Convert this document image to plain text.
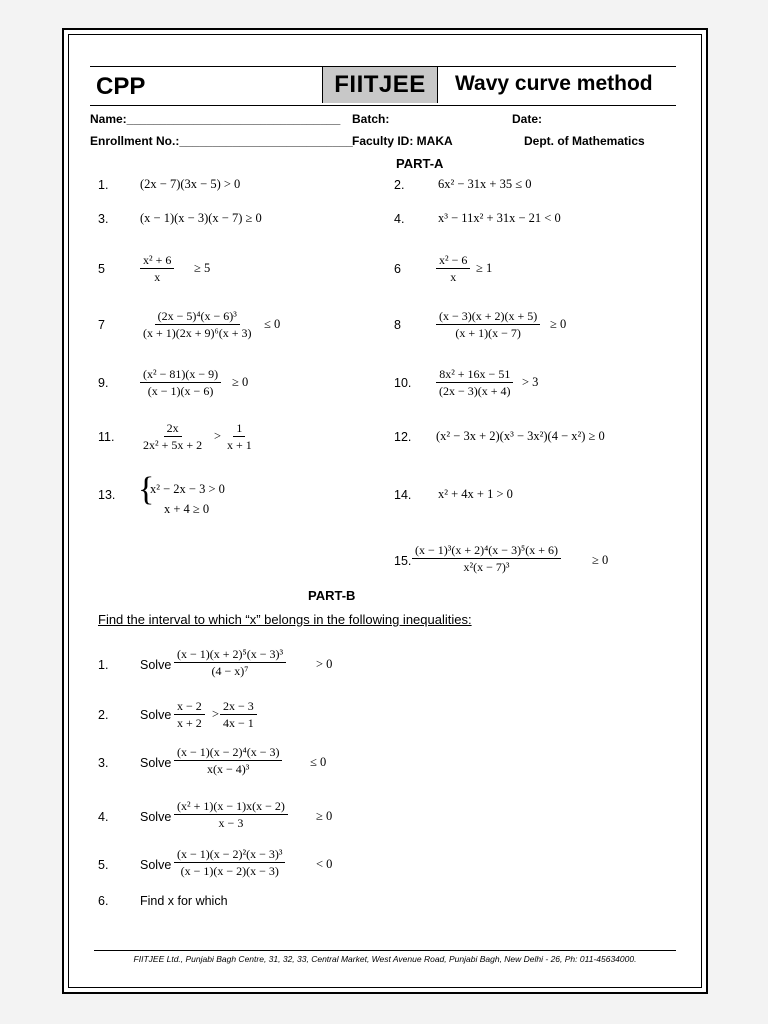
CPP	FIITJEE	Wavy curve method
Name:________________________________ Batch:	Date:
Enrollment No.:__________________________ Faculty ID: MAKA	Dept. of Mathematics
PART-A
1.	(2x − 7)(3x − 5) > 0	2.	6x² − 31x + 35 ≤ 0
3.	(x − 1)(x − 3)(x − 7) ≥ 0	4.	x³ − 11x² + 31x − 21 < 0
5	$\frac{\text{x² + 6}}{x} \ge 5$	6	$\frac{\text{x² − 6}}{x} \ge 1$
7	$\frac{\text{(2x − 5)⁴(x − 6)³}}{\text{(x + 1)(2x + 9)⁶(x + 3)}} \le 0$	8	$\frac{(x - 3)(x + 2)(x + 5)}{(x + 1)(x - 7)} \ge 0$
9.	$\frac{\text{(x² − 81)(x − 9)}}{(x - 1)(x - 6)} \ge 0$	10. $\frac{\text{8x² + 16x − 51}}{(2x - 3)(x + 4)} > 3$
11. $\frac{2x}{\text{2x² + 5x + 2}} > \frac{1}{x + 1}$	12. (x² − 3x + 2)(x³ − 3x²)(4 − x²) ≥ 0
13. {
x² − 2x − 3 > 0
x + 4 ≥ 0
14. x² + 4x + 1 > 0
15. $\frac{\text{(x − 1)³(x + 2)⁴(x − 3)⁵(x + 6)}}{\text{x²(x − 7)³}} \ge 0$
PART-B
Find the interval to which “x” belongs in the following inequalities:
1.	Solve $\frac{\text{(x − 1)(x + 2)⁵(x − 3)³}}{\text{(4 − x)⁷}} > 0$
2.	Solve $\frac{x - 2}{x + 2} > \frac{2x - 3}{4x - 1}$
3.	Solve $\frac{\text{(x − 1)(x − 2)⁴(x − 3)}}{\text{x(x − 4)³}} \le 0$
4.	Solve $\frac{\text{(x² + 1)(x − 1)x(x − 2)}}{x - 3} \ge 0$
5.	Solve $\frac{\text{(x − 1)(x − 2)²(x − 3)³}}{(x - 1)(x - 2)(x - 3)} < 0$
6.	Find x for which
FIITJEE Ltd., Punjabi Bagh Centre, 31, 32, 33, Central Market, West Avenue Road, Punjabi Bagh, New Delhi - 26, Ph: 011-45634000.
